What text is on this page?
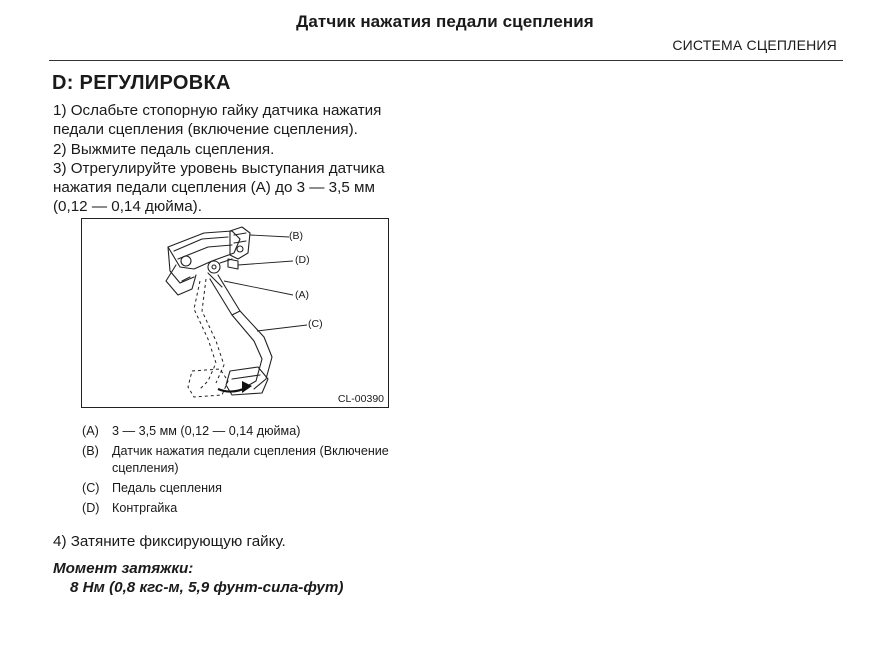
Датчик нажатия педали сцепления
СИСТЕМА СЦЕПЛЕНИЯ
D: РЕГУЛИРОВКА

1) Ослабьте стопорную гайку датчика нажатия

педали сцепления (включение сцепления).

2) Выжмите педаль сцепления.

3) Отрегулируйте уровень выступания датчика

нажатия педали сцепления (A) до 3 — 3,5 мм

(0,12 — 0,14 дюйма).

(B)
(D)
(A)
(C)
CL-00390
(A)	3 — 3,5 мм (0,12 — 0,14 дюйма)
(B)	Датчик нажатия педали сцепления (Включение сцепления)
(C) Педаль сцепления
(D) Контргайка
4) Затяните фиксирующую гайку.
Момент затяжки:
8 Нм (0,8 кгс-м, 5,9 фунт-сила-фут)
